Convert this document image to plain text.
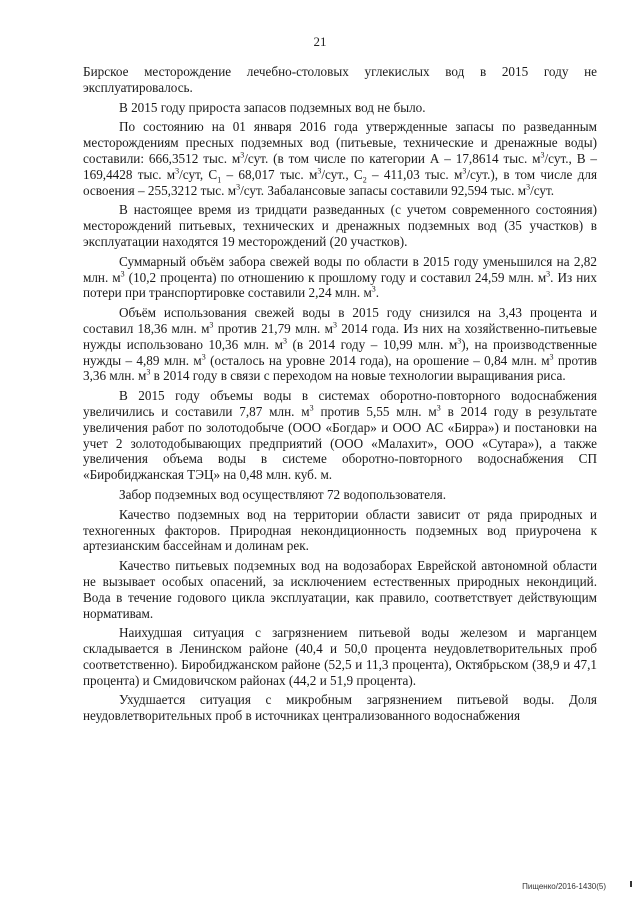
21

Бирское месторождение лечебно-столовых углекислых вод в 2015 году не эксплуатировалось.

В 2015 году прироста запасов подземных вод не было.

По состоянию на 01 января 2016 года утвержденные запасы по разведанным месторождениям пресных подземных вод (питьевые, технические и дренажные воды) составили: 666,3512 тыс. $м^3$/сут. (в том числе по категории А – 17,8614 тыс. $м^3$/сут., В – 169,4428 тыс. $м^3$/сут, $С_1 - 68,017$ тыс. $м^3$/сут., $С_2 - 411,03$ тыс. $м^3/сут$.), в том числе для освоения – 255,3212 тыс. $м^3$/сут. Забалансовые запасы составили 92,594 тыс. $м^3$/сут.

В настоящее время из тридцати разведанных (с учетом современного состояния) месторождений питьевых, технических и дренажных подземных вод (35 участков) в эксплуатации находятся 19 месторождений (20 участков).

Суммарный объём забора свежей воды по области в 2015 году уменьшился на 2,82 млн. $м^3$ (10,2 процента) по отношению к прошлому году и составил 24,59 млн. $м^3$. Из них потери при транспортировке составили 2,24 млн. $м^3$.

Объём использования свежей воды в 2015 году снизился на 3,43 процента и составил 18,36 млн. $м^3$ против 21,79 млн. $м^3$ 2014 года. Из них на хозяйственно-питьевые нужды использовано 10,36 млн. $м^3$ (в 2014 году – 10,99 млн. $м^3$), на производственные нужды – 4,89 млн. $м^3$ (осталось на уровне 2014 года), на орошение – 0,84 млн. $м^3$ против 3,36 млн. $м^3$ в 2014 году в связи с переходом на новые технологии выращивания риса.

В 2015 году объемы воды в системах оборотно-повторного водоснабжения увеличились и составили 7,87 млн. $м^3$ против 5,55 млн. $м^3$ в 2014 году в результате увеличения работ по золотодобыче (ООО «Богдар» и ООО АС «Бирра») и постановки на учет 2 золотодобывающих предприятий (ООО «Малахит», ООО «Сутара»), а также увеличения объема воды в системе оборотно-повторного водоснабжения СП «Биробиджанская ТЭЦ» на 0,48 млн. куб. м.

Забор подземных вод осуществляют 72 водопользователя.

Качество подземных вод на территории области зависит от ряда природных и техногенных факторов. Природная некондиционность подземных вод приурочена к артезианским бассейнам и долинам рек.

Качество питьевых подземных вод на водозаборах Еврейской автономной области не вызывает особых опасений, за исключением естественных природных некондиций. Вода в течение годового цикла эксплуатации, как правило, соответствует действующим нормативам.

Наихудшая ситуация с загрязнением питьевой воды железом и марганцем складывается в Ленинском районе (40,4 и 50,0 процента неудовлетворительных проб соответственно). Биробиджанском районе (52,5 и 11,3 процента), Октябрьском (38,9 и 47,1 процента) и Смидовичском районах (44,2 и 51,9 процента).

Ухудшается ситуация с микробным загрязнением питьевой воды. Доля неудовлетворительных проб в источниках централизованного водоснабжения

Пищенко/2016-1430(5)
